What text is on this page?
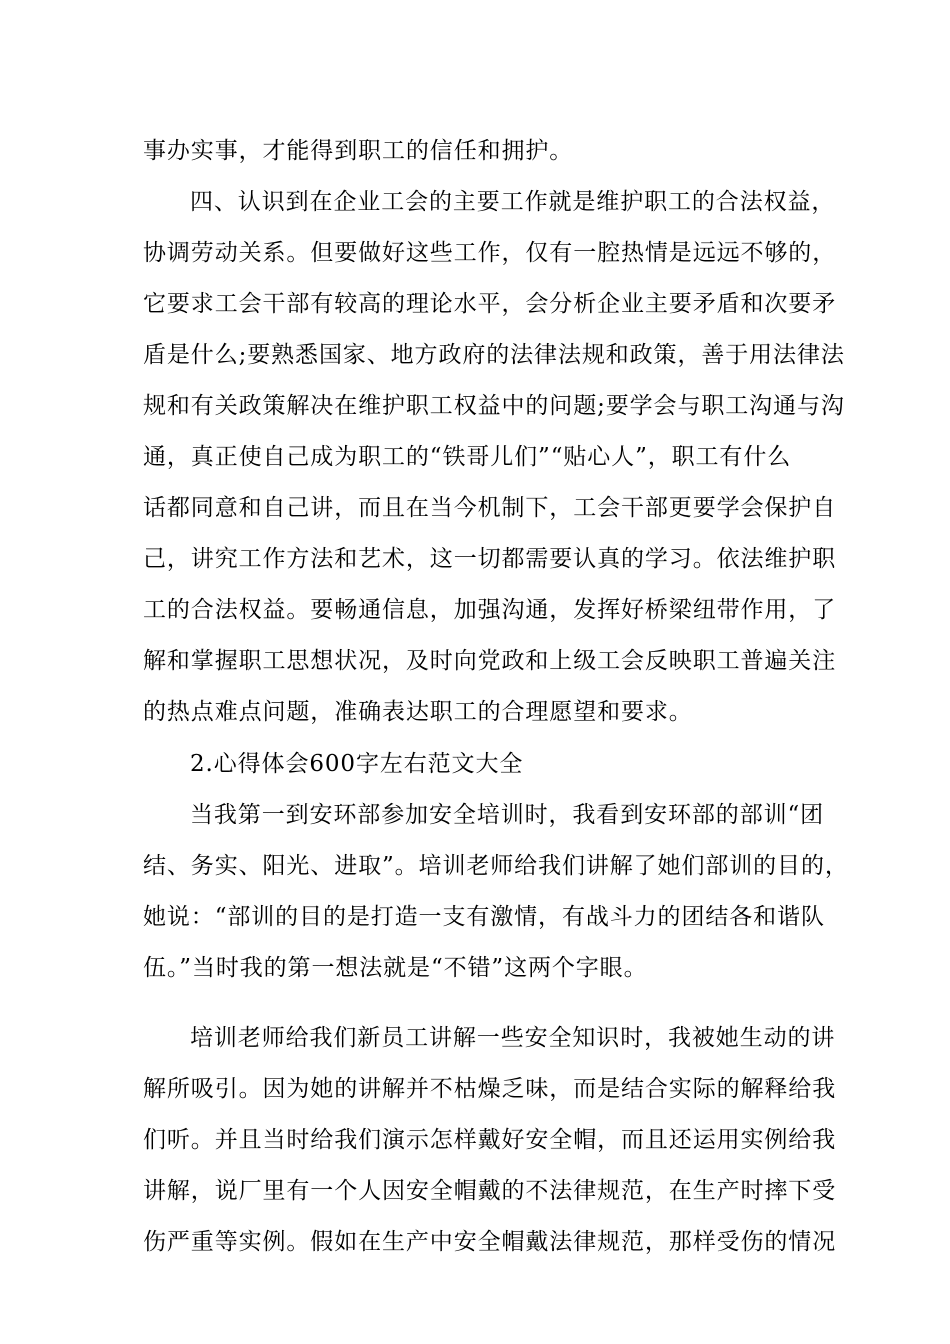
事办实事，才能得到职工的信任和拥护。
四、认识到在企业工会的主要工作就是维护职工的合法权益，
协调劳动关系。但要做好这些工作，仅有一腔热情是远远不够的，
它要求工会干部有较高的理论水平，会分析企业主要矛盾和次要矛
盾是什么;要熟悉国家、地方政府的法律法规和政策，善于用法律法
规和有关政策解决在维护职工权益中的问题;要学会与职工沟通与沟
通，真正使自己成为职工的“铁哥儿们”“贴心人”，职工有什么
话都同意和自己讲，而且在当今机制下，工会干部更要学会保护自
己，讲究工作方法和艺术，这一切都需要认真的学习。依法维护职
工的合法权益。要畅通信息，加强沟通，发挥好桥梁纽带作用，了
解和掌握职工思想状况，及时向党政和上级工会反映职工普遍关注
的热点难点问题，准确表达职工的合理愿望和要求。
2.心得体会600字左右范文大全
当我第一到安环部参加安全培训时，我看到安环部的部训“团
结、务实、阳光、进取”。培训老师给我们讲解了她们部训的目的，
她说：“部训的目的是打造一支有激情，有战斗力的团结各和谐队
伍。”当时我的第一想法就是“不错”这两个字眼。
培训老师给我们新员工讲解一些安全知识时，我被她生动的讲
解所吸引。因为她的讲解并不枯燥乏味，而是结合实际的解释给我
们听。并且当时给我们演示怎样戴好安全帽，而且还运用实例给我
讲解，说厂里有一个人因安全帽戴的不法律规范，在生产时摔下受
伤严重等实例。假如在生产中安全帽戴法律规范，那样受伤的情况
